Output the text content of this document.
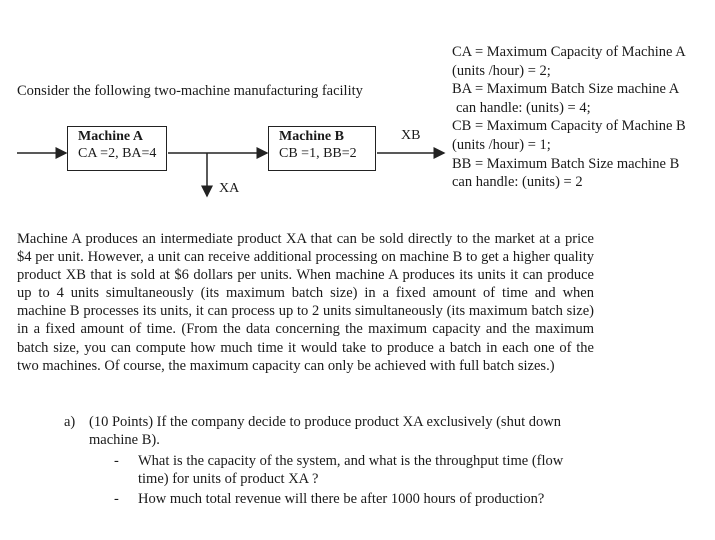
Consider the following two-machine manufacturing facility
CA = Maximum Capacity of Machine A
(units /hour) = 2;
BA = Maximum Batch Size machine A
can handle: (units) = 4;
CB = Maximum Capacity of Machine B
(units /hour) = 1;
BB = Maximum Batch Size machine B
can handle: (units) = 2
Machine A
CA =2, BA=4
Machine B
CB =1, BB=2
XB
XA
Machine A produces an intermediate product XA that can be sold directly to the market at a price $4 per unit. However, a unit can receive additional processing on machine B to get a higher quality product XB that is sold at $6 dollars per units. When machine A produces its units it can produce up to 4 units simultaneously (its maximum batch size) in a fixed amount of time and when machine B processes its units, it can process up to 2 units simultaneously (its maximum batch size) in a fixed amount of time. (From the data concerning the maximum capacity and the maximum batch size, you can compute how much time it would take to produce a batch in each one of the two machines. Of course, the maximum capacity can only be achieved with full batch sizes.)
a) (10 Points) If the company decide to produce product XA exclusively (shut down machine B).
- What is the capacity of the system, and what is the throughput time (flow time) for units of product XA ?
- How much total revenue will there be after 1000 hours of production?
